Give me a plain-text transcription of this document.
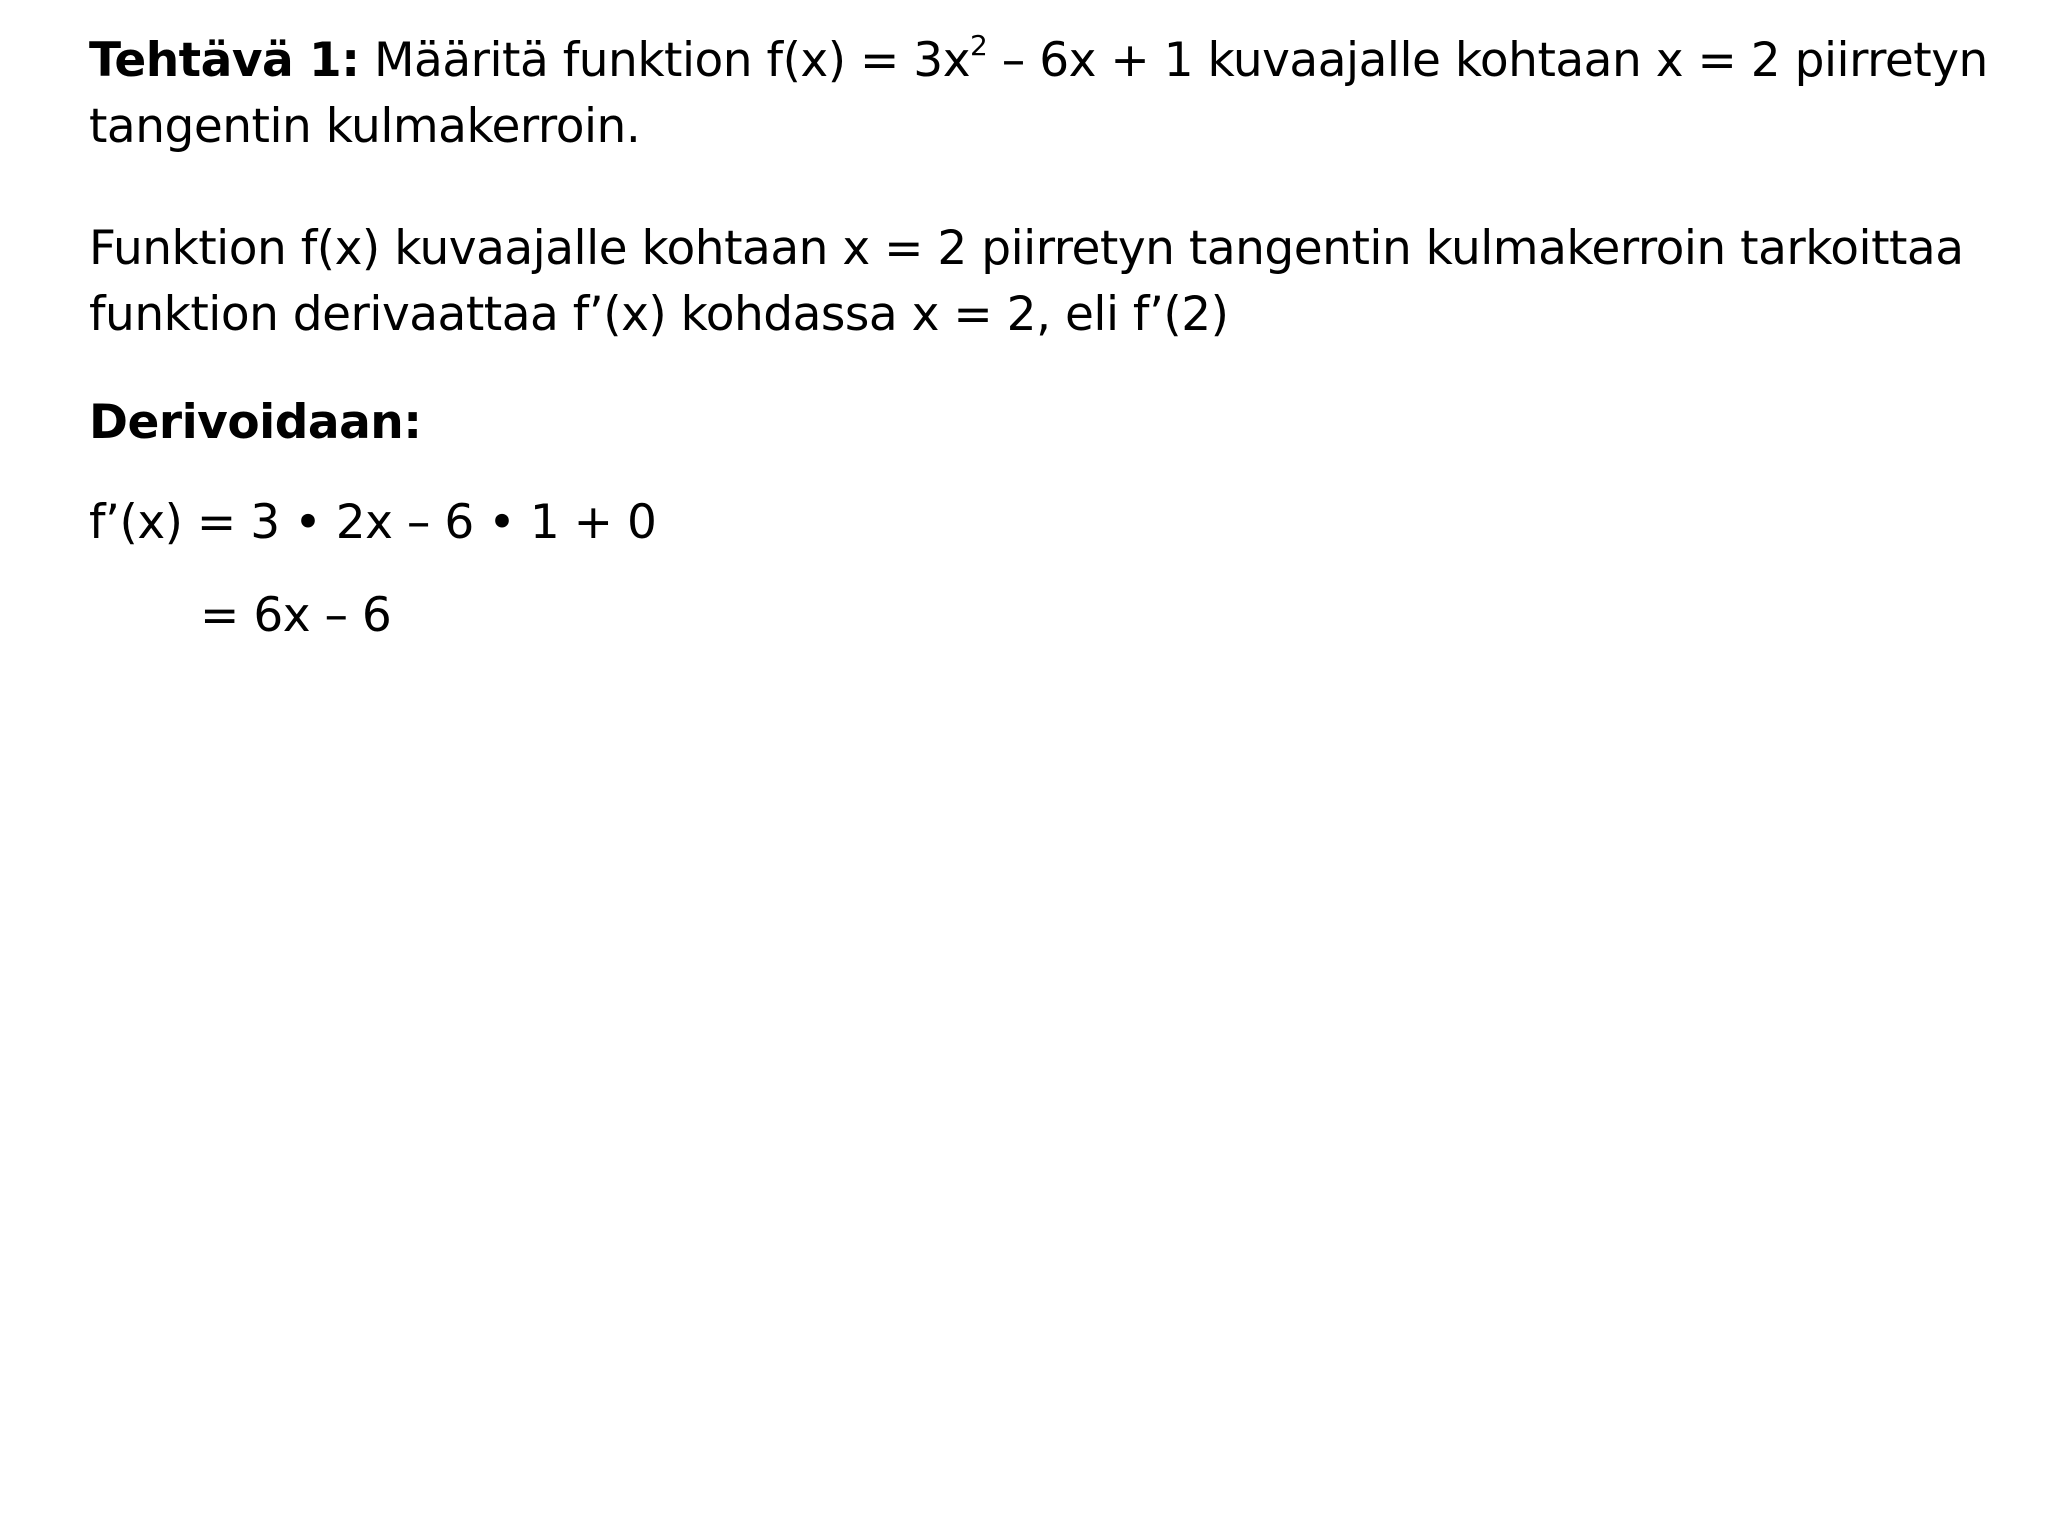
Tehtävä 1: Määritä funktion $f(x) = 3x^2 - 6x + 1$ kuvaajalle kohtaan x = 2 piirretyn
tangentin kulmakerroin.
Funktion f(x) kuvaajalle kohtaan x = 2 piirretyn tangentin kulmakerroin tarkoittaa
funktion derivaattaa f’(x) kohdassa x = 2, eli f’(2)
Derivoidaan:
f’(x) = 3 • 2x – 6 • 1 + 0
= 6x – 6
